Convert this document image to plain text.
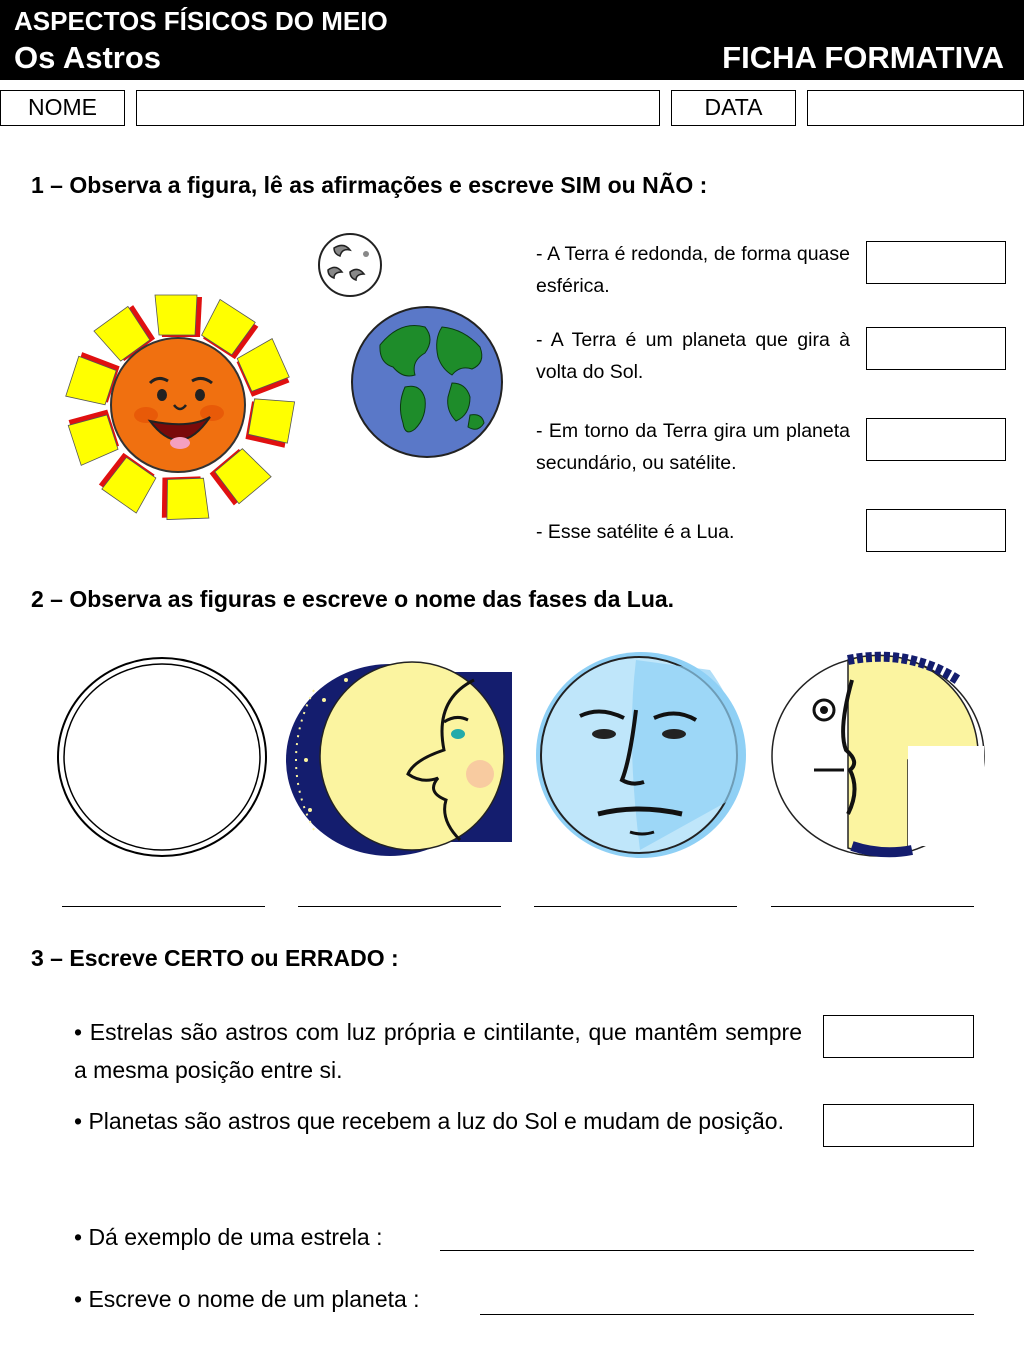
ASPECTOS FÍSICOS DO MEIO
Os Astros	FICHA FORMATIVA
NOME	DATA
1 – Observa a figura, lê as afirmações e escreve SIM ou NÃO :
- A Terra é redonda, de forma quase esférica.
- A Terra é um planeta que gira à volta do Sol.
- Em torno da Terra gira um planeta secundário, ou satélite.
- Esse satélite é a Lua.
2 – Observa as figuras e escreve o nome das fases da Lua.
3 – Escreve CERTO ou ERRADO :
• Estrelas são astros com luz própria e cintilante, que mantêm sempre a mesma posição entre si.
• Planetas são astros que recebem a luz do Sol e mudam de posição.
• Dá exemplo de uma estrela :
• Escreve o nome de um planeta :
